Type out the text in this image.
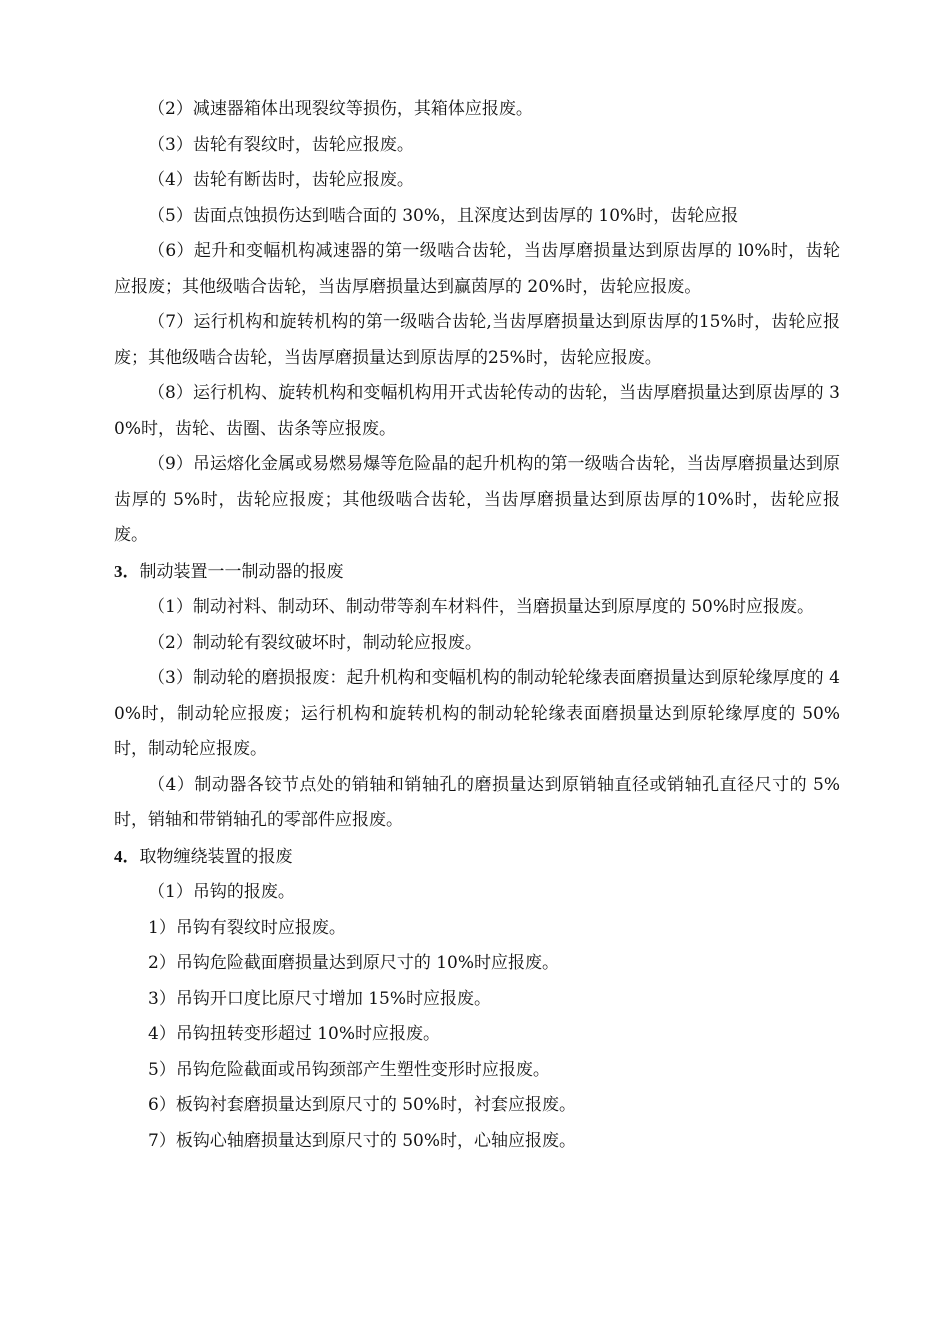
（2）减速器箱体出现裂纹等损伤，其箱体应报废。

（3）齿轮有裂纹时，齿轮应报废。

（4）齿轮有断齿时，齿轮应报废。

（5）齿面点蚀损伤达到啮合面的 30%，且深度达到齿厚的 10%时，齿轮应报

（6）起升和变幅机构减速器的第一级啮合齿轮，当齿厚磨损量达到原齿厚的 l0%时，齿轮应报废；其他级啮合齿轮，当齿厚磨损量达到赢茵厚的 20%时，齿轮应报废。

（7）运行机构和旋转机构的第一级啮合齿轮,当齿厚磨损量达到原齿厚的15%时，齿轮应报废；其他级啮合齿轮，当齿厚磨损量达到原齿厚的25%时，齿轮应报废。

（8）运行机构、旋转机构和变幅机构用开式齿轮传动的齿轮，当齿厚磨损量达到原齿厚的 30%时，齿轮、齿圈、齿条等应报废。

（9）吊运熔化金属或易燃易爆等危险晶的起升机构的第一级啮合齿轮，当齿厚磨损量达到原齿厚的 5%时，齿轮应报废；其他级啮合齿轮，当齿厚磨损量达到原齿厚的10%时，齿轮应报废。

3．制动装置一一制动器的报废

（1）制动衬料、制动环、制动带等刹车材料件，当磨损量达到原厚度的 50%时应报废。

（2）制动轮有裂纹破坏时，制动轮应报废。

（3）制动轮的磨损报废：起升机构和变幅机构的制动轮轮缘表面磨损量达到原轮缘厚度的 40%时，制动轮应报废；运行机构和旋转机构的制动轮轮缘表面磨损量达到原轮缘厚度的 50%时，制动轮应报废。

（4）制动器各铰节点处的销轴和销轴孔的磨损量达到原销轴直径或销轴孔直径尺寸的 5%时，销轴和带销轴孔的零部件应报废。

4．取物缠绕装置的报废

（1）吊钩的报废。

1）吊钩有裂纹时应报废。

2）吊钩危险截面磨损量达到原尺寸的 10%时应报废。

3）吊钩开口度比原尺寸增加 15%时应报废。

4）吊钩扭转变形超过 10%时应报废。

5）吊钩危险截面或吊钩颈部产生塑性变形时应报废。

6）板钩衬套磨损量达到原尺寸的 50%时，衬套应报废。

7）板钩心轴磨损量达到原尺寸的 50%时，心轴应报废。
